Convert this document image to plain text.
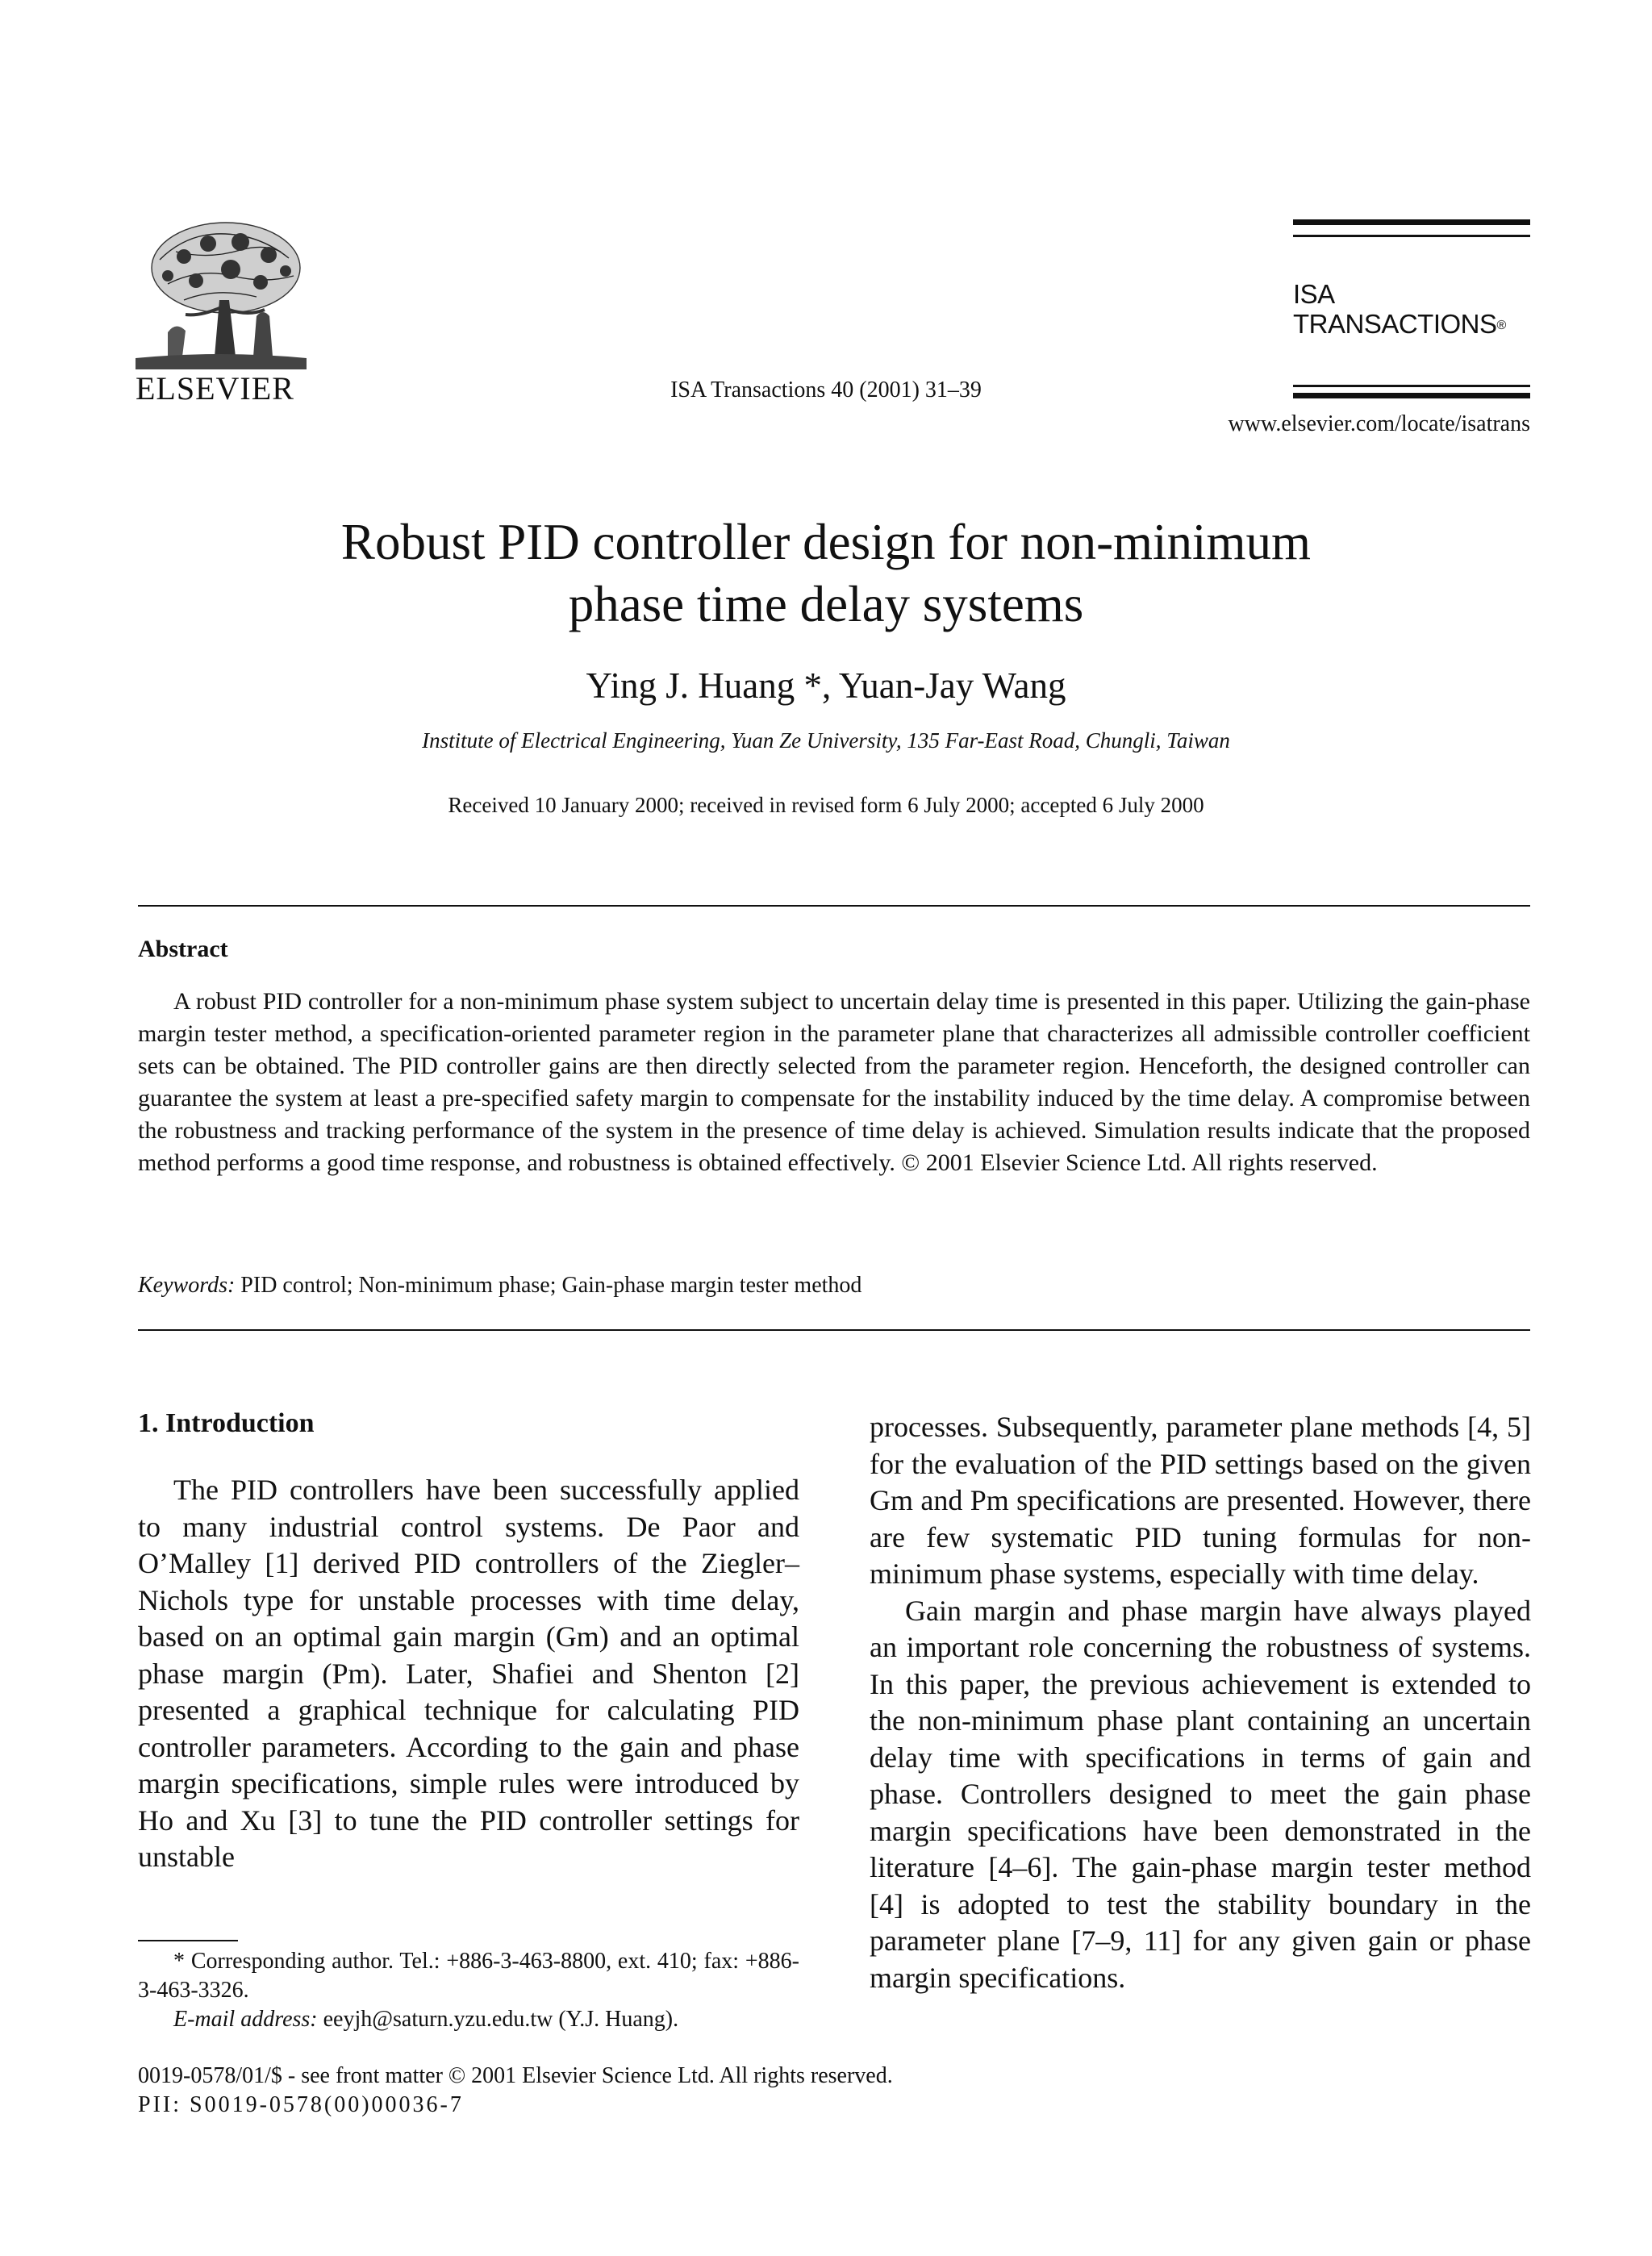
ELSEVIER	ISA Transactions 40 (2001) 31–39
ISA
TRANSACTIONS®
www.elsevier.com/locate/isatrans
Robust PID controller design for non-minimum
phase time delay systems
Ying J. Huang *, Yuan-Jay Wang
Institute of Electrical Engineering, Yuan Ze University, 135 Far-East Road, Chungli, Taiwan
Received 10 January 2000; received in revised form 6 July 2000; accepted 6 July 2000
Abstract

A robust PID controller for a non-minimum phase system subject to uncertain delay time is presented in this paper. Utilizing the gain-phase margin tester method, a specification-oriented parameter region in the parameter plane that characterizes all admissible controller coefficient sets can be obtained. The PID controller gains are then directly selected from the parameter region. Henceforth, the designed controller can guarantee the system at least a pre-specified safety margin to compensate for the instability induced by the time delay. A compromise between the robustness and tracking performance of the system in the presence of time delay is achieved. Simulation results indicate that the proposed method performs a good time response, and robustness is obtained effectively. © 2001 Elsevier Science Ltd. All rights reserved.

Keywords: PID control; Non-minimum phase; Gain-phase margin tester method

1. Introduction

The PID controllers have been successfully applied to many industrial control systems. De Paor and O’Malley [1] derived PID controllers of the Ziegler–Nichols type for unstable processes with time delay, based on an optimal gain margin (Gm) and an optimal phase margin (Pm). Later, Shafiei and Shenton [2] presented a graphical technique for calculating PID controller parameters. According to the gain and phase margin specifications, simple rules were introduced by Ho and Xu [3] to tune the PID controller settings for unstable

processes. Subsequently, parameter plane methods [4, 5] for the evaluation of the PID settings based on the given Gm and Pm specifications are presented. However, there are few systematic PID tuning formulas for non-minimum phase systems, especially with time delay.

Gain margin and phase margin have always played an important role concerning the robustness of systems. In this paper, the previous achievement is extended to the non-minimum phase plant containing an uncertain delay time with specifications in terms of gain and phase. Controllers designed to meet the gain phase margin specifications have been demonstrated in the literature [4–6]. The gain-phase margin tester method [4] is adopted to test the stability boundary in the parameter plane [7–9, 11] for any given gain or phase margin specifications.

* Corresponding author. Tel.: +886-3-463-8800, ext. 410; fax: +886-3-463-3326.

E-mail address: eeyjh@saturn.yzu.edu.tw (Y.J. Huang).

0019-0578/01/$ - see front matter © 2001 Elsevier Science Ltd. All rights reserved.

PII: S0019-0578(00)00036-7
